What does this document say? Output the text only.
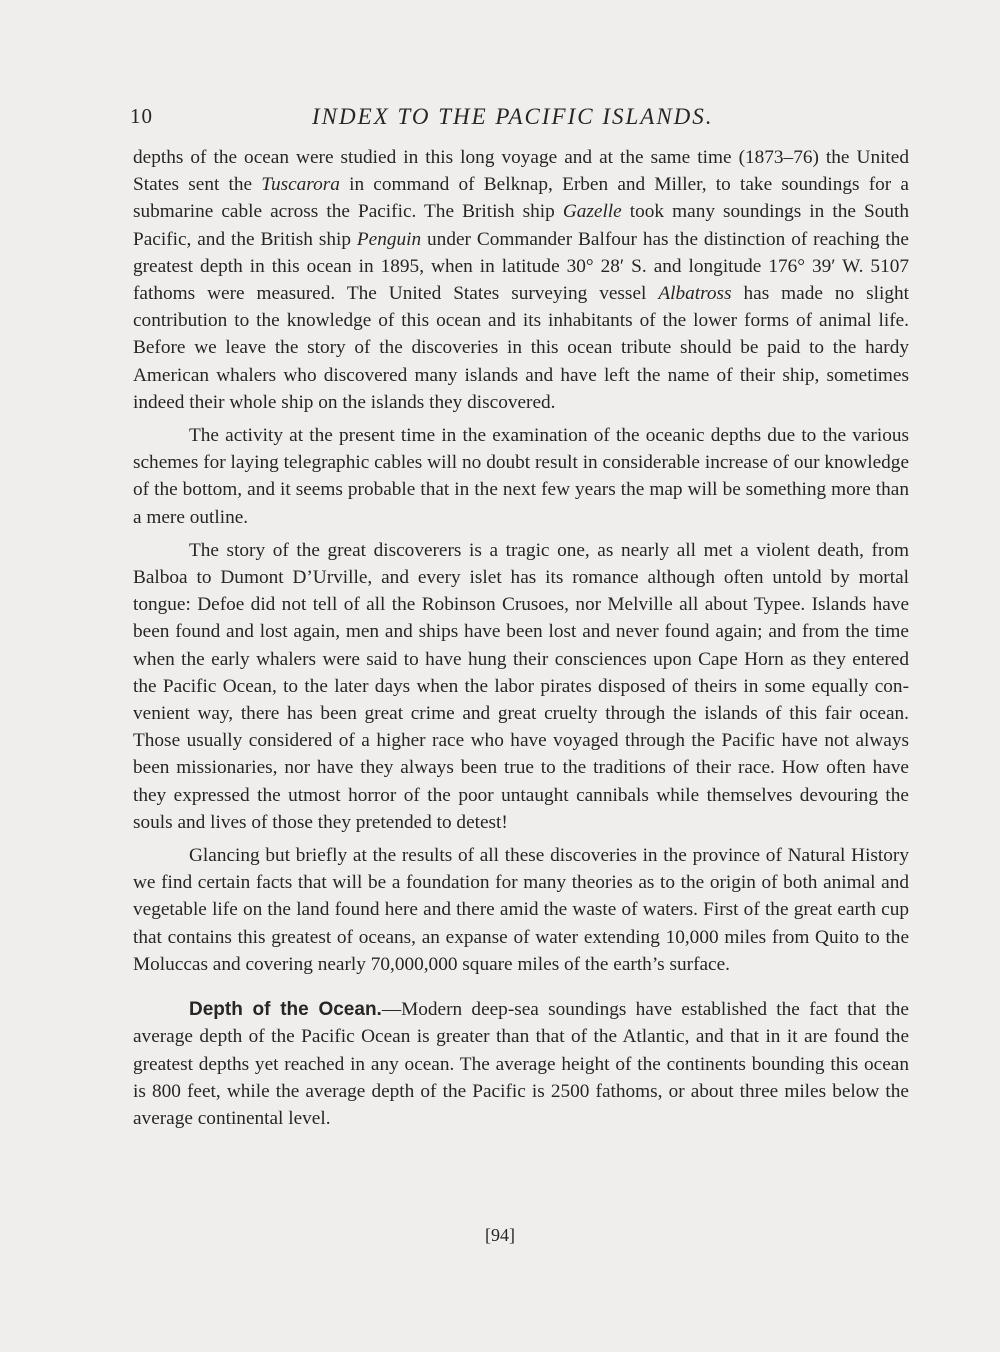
10	INDEX TO THE PACIFIC ISLANDS.

depths of the ocean were studied in this long voyage and at the same time (1873–76) the United States sent the Tuscarora in command of Belknap, Erben and Miller, to take soundings for a submarine cable across the Pacific. The British ship Gazelle took many soundings in the South Pacific, and the British ship Penguin under Commander Balfour has the distinction of reaching the greatest depth in this ocean in 1895, when in latitude 30° 28′ S. and longitude 176° 39′ W. 5107 fathoms were measured. The United States surveying vessel Albatross has made no slight contribution to the knowledge of this ocean and its inhabitants of the lower forms of animal life. Before we leave the story of the discoveries in this ocean tribute should be paid to the hardy American whalers who discovered many islands and have left the name of their ship, sometimes indeed their whole ship on the islands they discovered.

The activity at the present time in the examination of the oceanic depths due to the various schemes for laying telegraphic cables will no doubt result in considerable increase of our knowledge of the bottom, and it seems probable that in the next few years the map will be something more than a mere outline.

The story of the great discoverers is a tragic one, as nearly all met a violent death, from Balboa to Dumont D’Urville, and every islet has its romance although often untold by mortal tongue: Defoe did not tell of all the Robinson Crusoes, nor Melville all about Typee. Islands have been found and lost again, men and ships have been lost and never found again; and from the time when the early whalers were said to have hung their consciences upon Cape Horn as they entered the Pacific Ocean, to the later days when the labor pirates disposed of theirs in some equally convenient way, there has been great crime and great cruelty through the islands of this fair ocean. Those usually considered of a higher race who have voyaged through the Pacific have not always been missionaries, nor have they always been true to the traditions of their race. How often have they expressed the utmost horror of the poor untaught cannibals while themselves devouring the souls and lives of those they pretended to detest!

Glancing but briefly at the results of all these discoveries in the province of Natural History we find certain facts that will be a foundation for many theories as to the origin of both animal and vegetable life on the land found here and there amid the waste of waters. First of the great earth cup that contains this greatest of oceans, an expanse of water extending 10,000 miles from Quito to the Moluccas and covering nearly 70,000,000 square miles of the earth’s surface.

Depth of the Ocean.—Modern deep-sea soundings have established the fact that the average depth of the Pacific Ocean is greater than that of the Atlantic, and that in it are found the greatest depths yet reached in any ocean. The average height of the continents bounding this ocean is 800 feet, while the average depth of the Pacific is 2500 fathoms, or about three miles below the average continental level.

[94]
